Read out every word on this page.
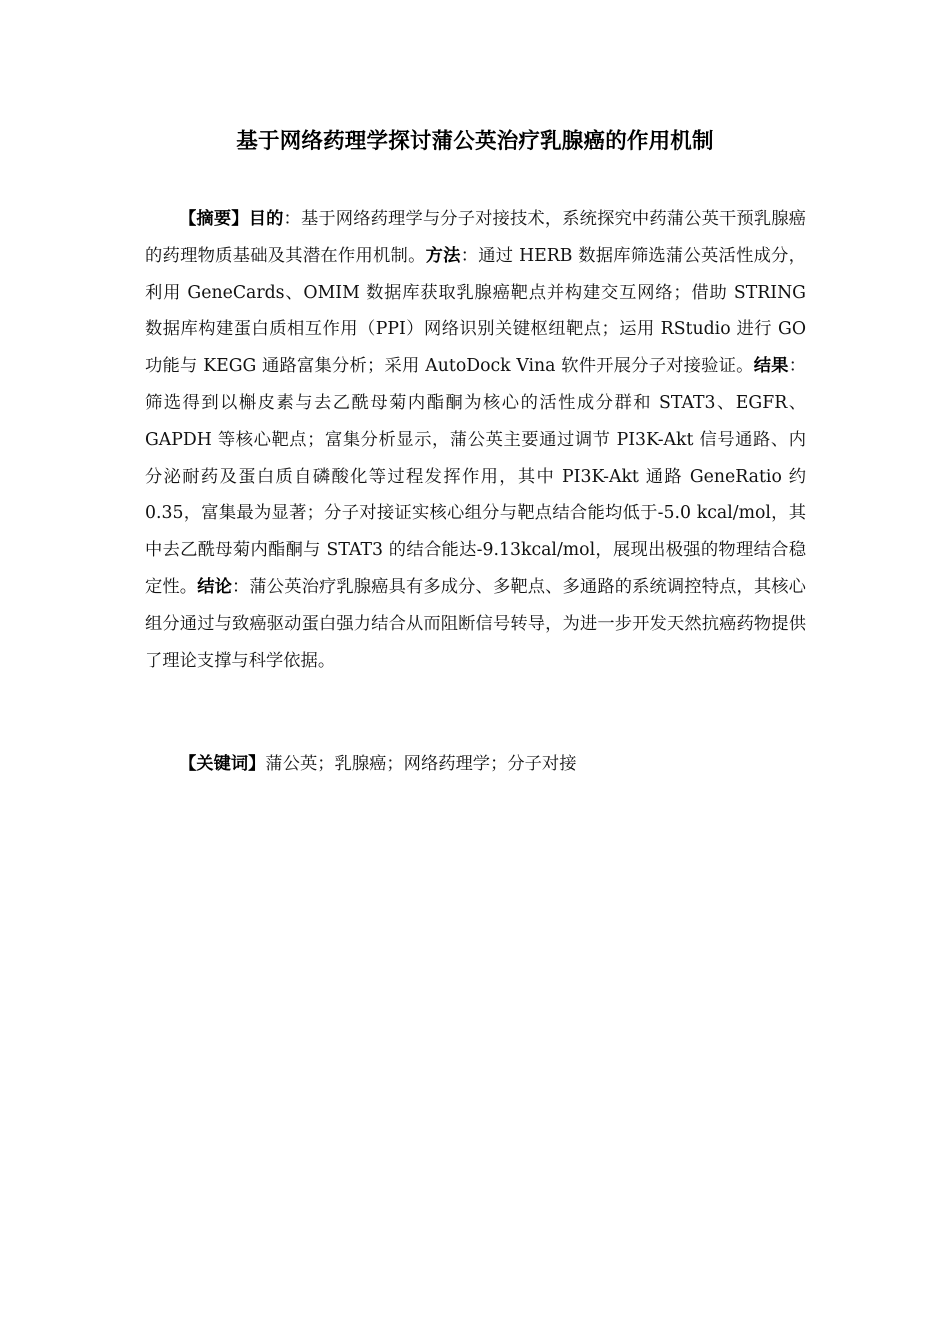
基于网络药理学探讨蒲公英治疗乳腺癌的作用机制

【摘要】目的：基于网络药理学与分子对接技术，系统探究中药蒲公英干预乳腺癌的药理物质基础及其潜在作用机制。方法：通过 HERB 数据库筛选蒲公英活性成分，利用 GeneCards、OMIM 数据库获取乳腺癌靶点并构建交互网络；借助 STRING 数据库构建蛋白质相互作用（PPI）网络识别关键枢纽靶点；运用 RStudio 进行 GO 功能与 KEGG 通路富集分析；采用 AutoDock Vina 软件开展分子对接验证。结果：筛选得到以槲皮素与去乙酰母菊内酯酮为核心的活性成分群和 STAT3、EGFR、GAPDH 等核心靶点；富集分析显示，蒲公英主要通过调节 PI3K-Akt 信号通路、内分泌耐药及蛋白质自磷酸化等过程发挥作用，其中 PI3K-Akt 通路 GeneRatio 约 0.35，富集最为显著；分子对接证实核心组分与靶点结合能均低于-5.0 kcal/mol，其中去乙酰母菊内酯酮与 STAT3 的结合能达-9.13kcal/mol，展现出极强的物理结合稳定性。结论：蒲公英治疗乳腺癌具有多成分、多靶点、多通路的系统调控特点，其核心组分通过与致癌驱动蛋白强力结合从而阻断信号转导，为进一步开发天然抗癌药物提供了理论支撑与科学依据。

【关键词】蒲公英；乳腺癌；网络药理学；分子对接
